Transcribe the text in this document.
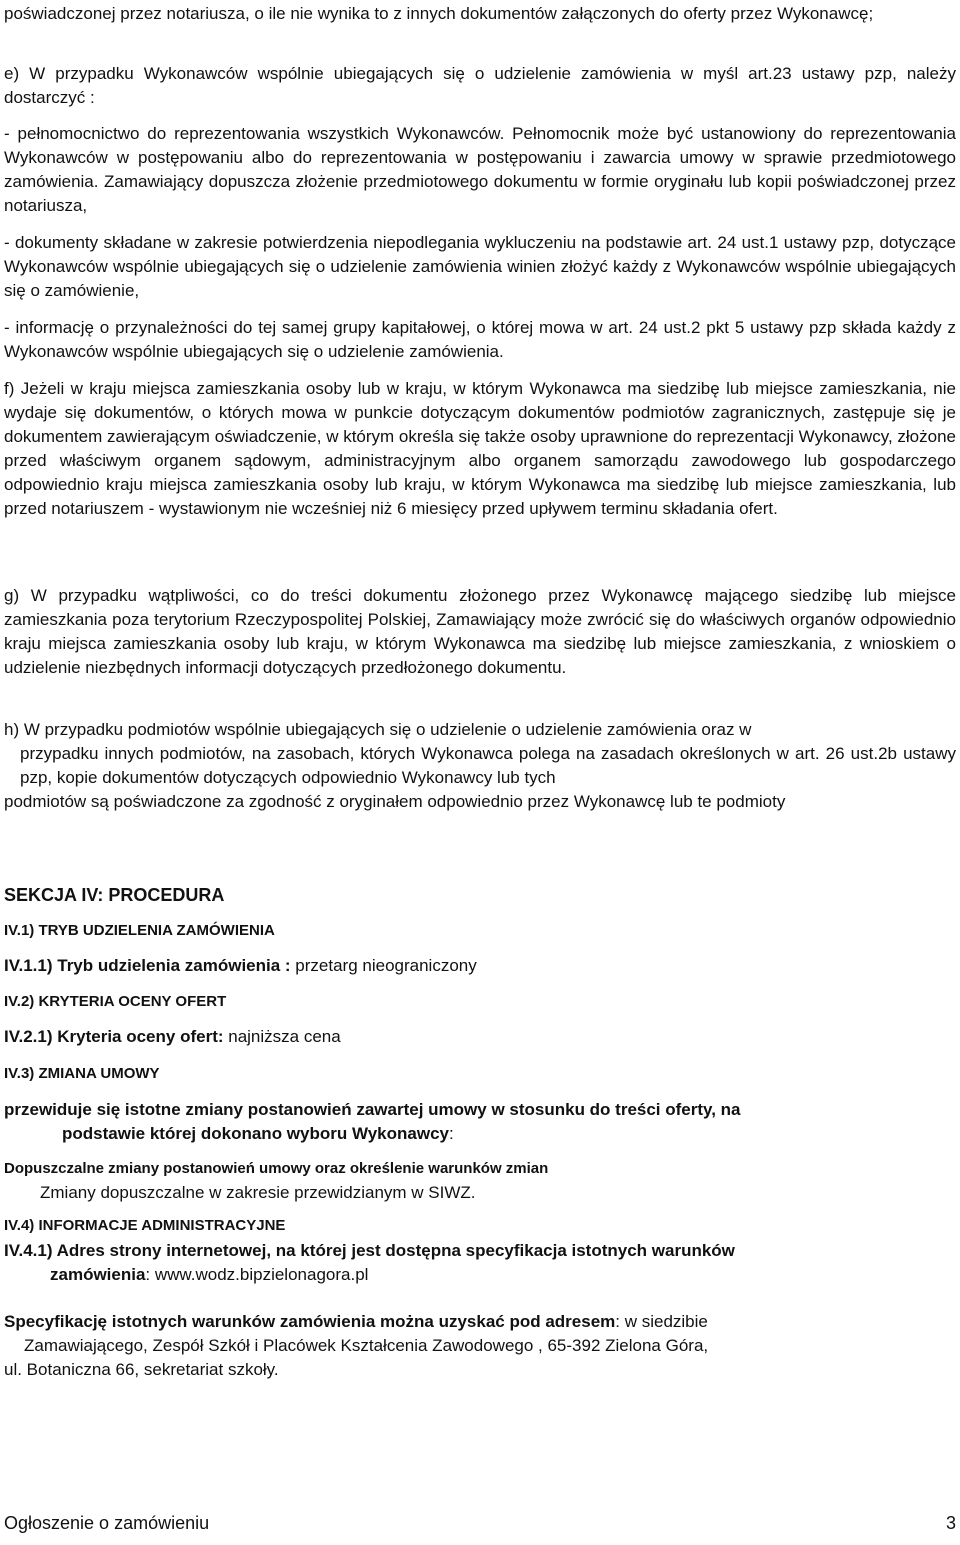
poświadczonej przez notariusza, o ile nie wynika to z innych dokumentów załączonych do oferty przez Wykonawcę;

e) W przypadku Wykonawców wspólnie ubiegających się o udzielenie zamówienia w myśl art.23 ustawy pzp, należy dostarczyć :

- pełnomocnictwo do reprezentowania wszystkich Wykonawców. Pełnomocnik może być ustanowiony do reprezentowania Wykonawców w postępowaniu albo do reprezentowania w postępowaniu i zawarcia umowy w sprawie przedmiotowego zamówienia. Zamawiający dopuszcza złożenie przedmiotowego dokumentu w formie oryginału lub kopii poświadczonej przez notariusza,

- dokumenty składane w zakresie potwierdzenia niepodlegania wykluczeniu na podstawie art. 24 ust.1 ustawy pzp, dotyczące Wykonawców wspólnie ubiegających się o udzielenie zamówienia winien złożyć każdy z Wykonawców wspólnie ubiegających się o zamówienie,

- informację o przynależności do tej samej grupy kapitałowej, o której mowa w art. 24 ust.2 pkt 5 ustawy pzp składa każdy z Wykonawców wspólnie ubiegających się o udzielenie zamówienia.

f) Jeżeli w kraju miejsca zamieszkania osoby lub w kraju, w którym Wykonawca ma siedzibę lub miejsce zamieszkania, nie wydaje się dokumentów, o których mowa w punkcie dotyczącym dokumentów podmiotów zagranicznych, zastępuje się je dokumentem zawierającym oświadczenie, w którym określa się także osoby uprawnione do reprezentacji Wykonawcy, złożone przed właściwym organem sądowym, administracyjnym albo organem samorządu zawodowego lub gospodarczego odpowiednio kraju miejsca zamieszkania osoby lub kraju, w którym Wykonawca ma siedzibę lub miejsce zamieszkania, lub przed notariuszem - wystawionym nie wcześniej niż 6 miesięcy przed upływem terminu składania ofert.

g) W przypadku wątpliwości, co do treści dokumentu złożonego przez Wykonawcę mającego siedzibę lub miejsce zamieszkania poza terytorium Rzeczypospolitej Polskiej, Zamawiający może zwrócić się do właściwych organów odpowiednio kraju miejsca zamieszkania osoby lub kraju, w którym Wykonawca ma siedzibę lub miejsce zamieszkania, z wnioskiem o udzielenie niezbędnych informacji dotyczących przedłożonego dokumentu.

h) W przypadku podmiotów wspólnie ubiegających się o udzielenie o udzielenie zamówienia oraz w

przypadku innych podmiotów, na zasobach, których Wykonawca polega na zasadach określonych w art. 26 ust.2b ustawy pzp, kopie dokumentów dotyczących odpowiednio Wykonawcy lub tych

podmiotów są poświadczone za zgodność z oryginałem odpowiednio przez Wykonawcę lub te podmioty

SEKCJA IV: PROCEDURA

IV.1) TRYB UDZIELENIA ZAMÓWIENIA

IV.1.1) Tryb udzielenia zamówienia : przetarg nieograniczony

IV.2) KRYTERIA OCENY OFERT

IV.2.1) Kryteria oceny ofert: najniższa cena

IV.3) ZMIANA UMOWY

przewiduje się istotne zmiany postanowień zawartej umowy w stosunku do treści oferty, na

podstawie której dokonano wyboru Wykonawcy:

Dopuszczalne zmiany postanowień umowy oraz określenie warunków zmian

Zmiany dopuszczalne w zakresie przewidzianym w SIWZ.

IV.4) INFORMACJE ADMINISTRACYJNE

IV.4.1) Adres strony internetowej, na której jest dostępna specyfikacja istotnych warunków

zamówienia: www.wodz.bipzielonagora.pl

Specyfikację istotnych warunków zamówienia można uzyskać pod adresem: w siedzibie

Zamawiającego, Zespół Szkół i Placówek Kształcenia Zawodowego , 65-392 Zielona Góra,

ul. Botaniczna 66, sekretariat szkoły.

Ogłoszenie o zamówieniu	3
